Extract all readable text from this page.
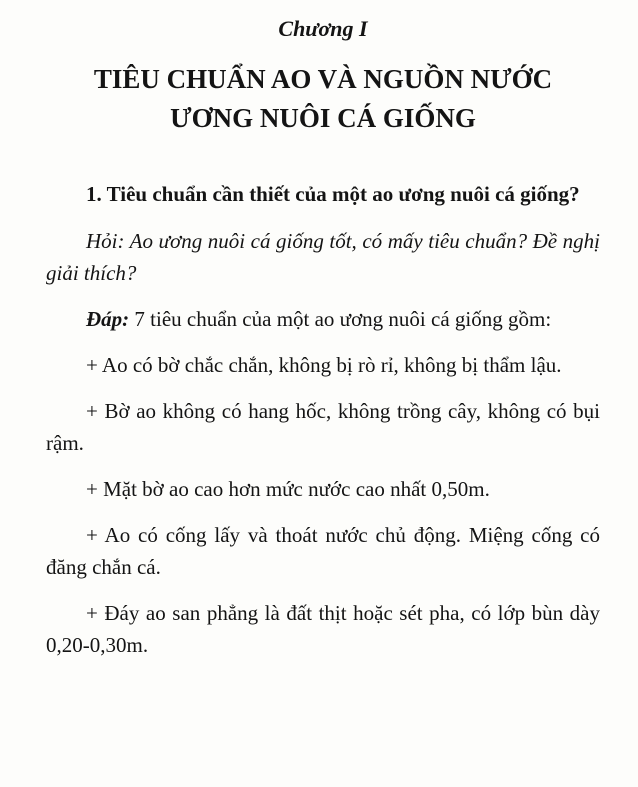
Chương I
TIÊU CHUẨN AO VÀ NGUỒN NƯỚC
ƯƠNG NUÔI CÁ GIỐNG

1. Tiêu chuẩn cần thiết của một ao ương nuôi cá giống?

Hỏi: Ao ương nuôi cá giống tốt, có mấy tiêu chuẩn? Đề nghị giải thích?

Đáp: 7 tiêu chuẩn của một ao ương nuôi cá giống gồm:

+ Ao có bờ chắc chắn, không bị rò rỉ, không bị thẩm lậu.

+ Bờ ao không có hang hốc, không trồng cây, không có bụi rậm.

+ Mặt bờ ao cao hơn mức nước cao nhất 0,50m.

+ Ao có cống lấy và thoát nước chủ động. Miệng cống có đăng chắn cá.

+ Đáy ao san phẳng là đất thịt hoặc sét pha, có lớp bùn dày 0,20-0,30m.
